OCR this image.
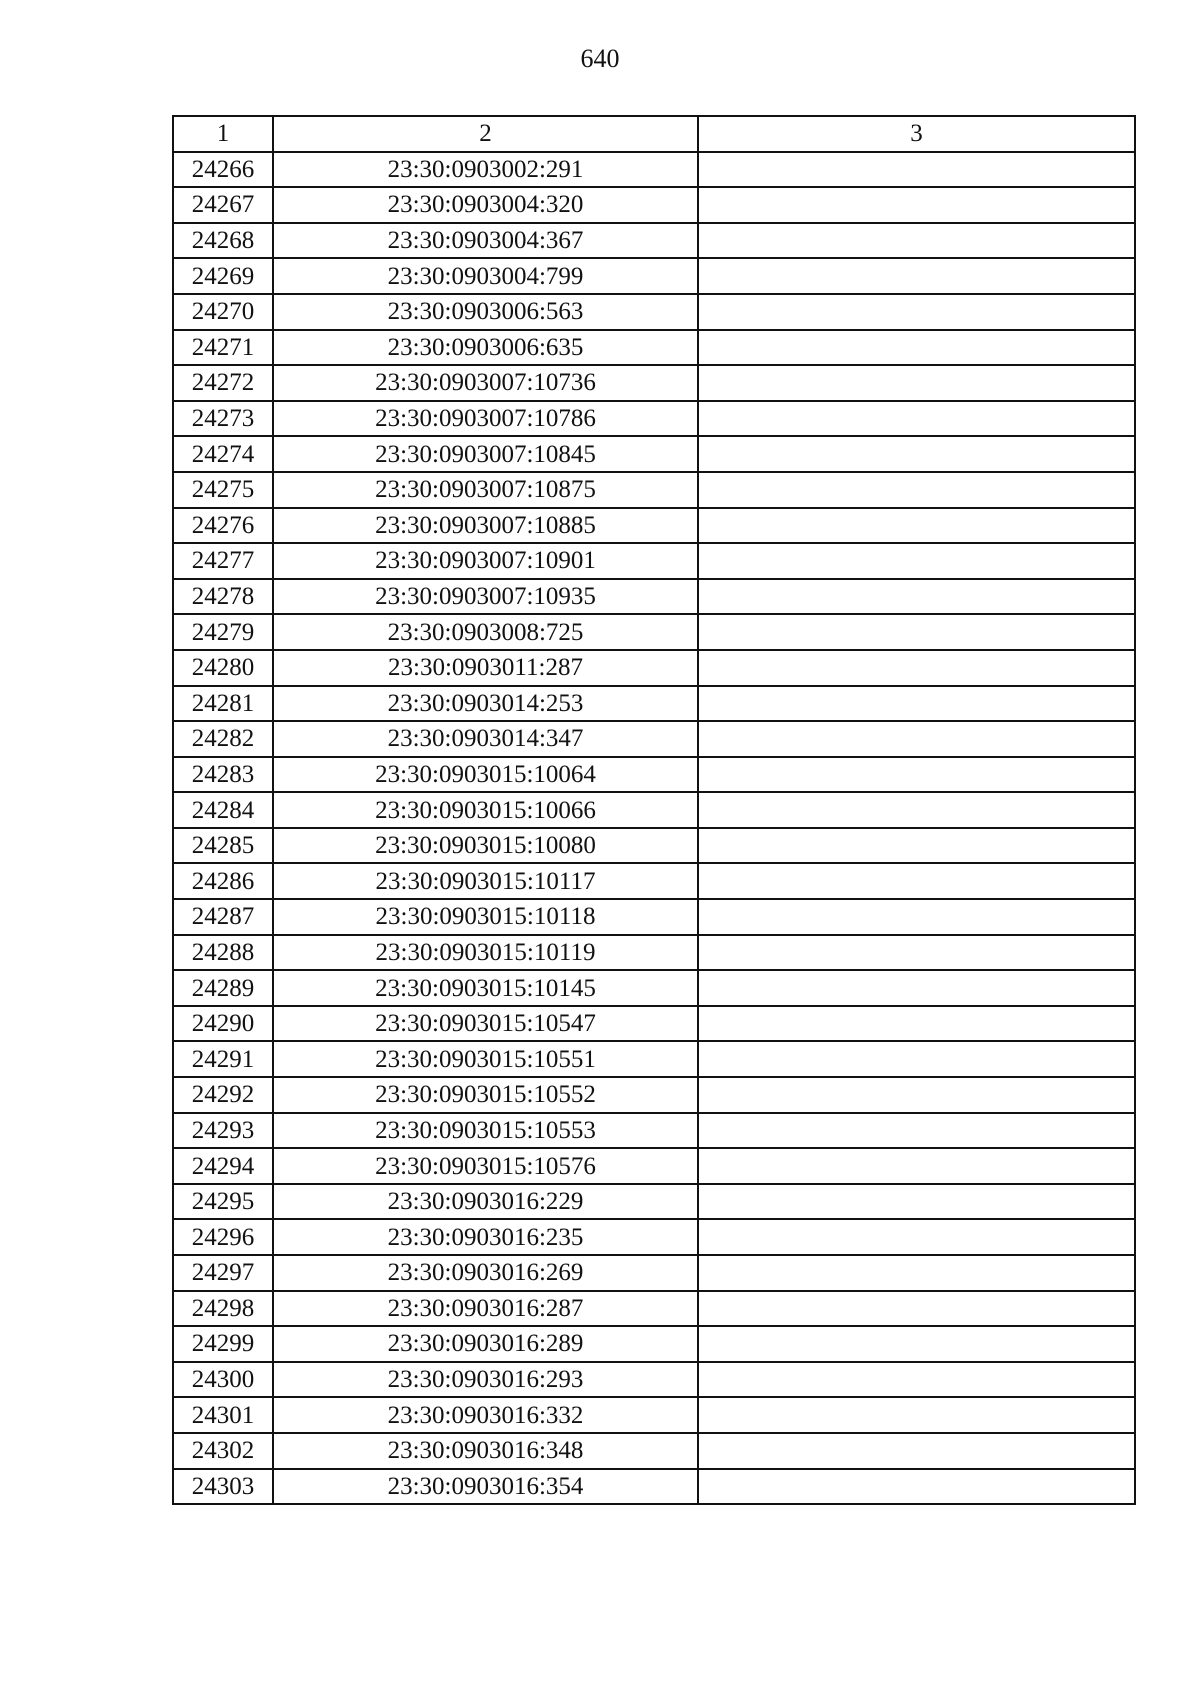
640
1	2	3
24266	23:30:0903002:291	
24267	23:30:0903004:320	
24268	23:30:0903004:367	
24269	23:30:0903004:799	
24270	23:30:0903006:563	
24271	23:30:0903006:635	
24272	23:30:0903007:10736	
24273	23:30:0903007:10786	
24274	23:30:0903007:10845	
24275	23:30:0903007:10875	
24276	23:30:0903007:10885	
24277	23:30:0903007:10901	
24278	23:30:0903007:10935	
24279	23:30:0903008:725	
24280	23:30:0903011:287	
24281	23:30:0903014:253	
24282	23:30:0903014:347	
24283	23:30:0903015:10064	
24284	23:30:0903015:10066	
24285	23:30:0903015:10080	
24286	23:30:0903015:10117	
24287	23:30:0903015:10118	
24288	23:30:0903015:10119	
24289	23:30:0903015:10145	
24290	23:30:0903015:10547	
24291	23:30:0903015:10551	
24292	23:30:0903015:10552	
24293	23:30:0903015:10553	
24294	23:30:0903015:10576	
24295	23:30:0903016:229	
24296	23:30:0903016:235	
24297	23:30:0903016:269	
24298	23:30:0903016:287	
24299	23:30:0903016:289	
24300	23:30:0903016:293	
24301	23:30:0903016:332	
24302	23:30:0903016:348	
24303	23:30:0903016:354	
